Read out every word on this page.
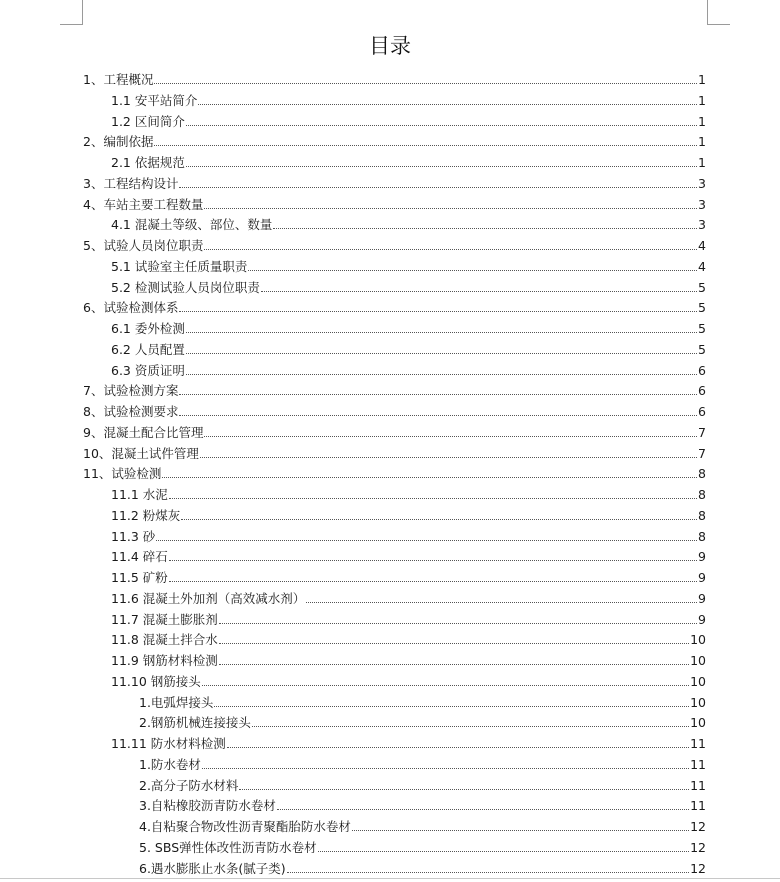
目录
1、工程概况	1
1.1 安平站简介	1
1.2 区间简介	1
2、编制依据	1
2.1 依据规范	1
3、工程结构设计	3
4、车站主要工程数量	3
4.1 混凝土等级、部位、数量	3
5、试验人员岗位职责	4
5.1 试验室主任质量职责	4
5.2 检测试验人员岗位职责	5
6、试验检测体系	5
6.1 委外检测	5
6.2 人员配置	5
6.3 资质证明	6
7、试验检测方案	6
8、试验检测要求	6
9、混凝土配合比管理	7
10、混凝土试件管理	7
11、试验检测	8
11.1 水泥	8
11.2 粉煤灰	8
11.3 砂	8
11.4 碎石	9
11.5 矿粉	9
11.6 混凝土外加剂（高效减水剂）	9
11.7 混凝土膨胀剂	9
11.8 混凝土拌合水	10
11.9 钢筋材料检测	10
11.10 钢筋接头	10
1.电弧焊接头	10
2.钢筋机械连接接头	10
11.11 防水材料检测	11
1.防水卷材	11
2.高分子防水材料	11
3.自粘橡胶沥青防水卷材	11
4.自粘聚合物改性沥青聚酯胎防水卷材	12
5. SBS弹性体改性沥青防水卷材	12
6.遇水膨胀止水条(腻子类)	12
